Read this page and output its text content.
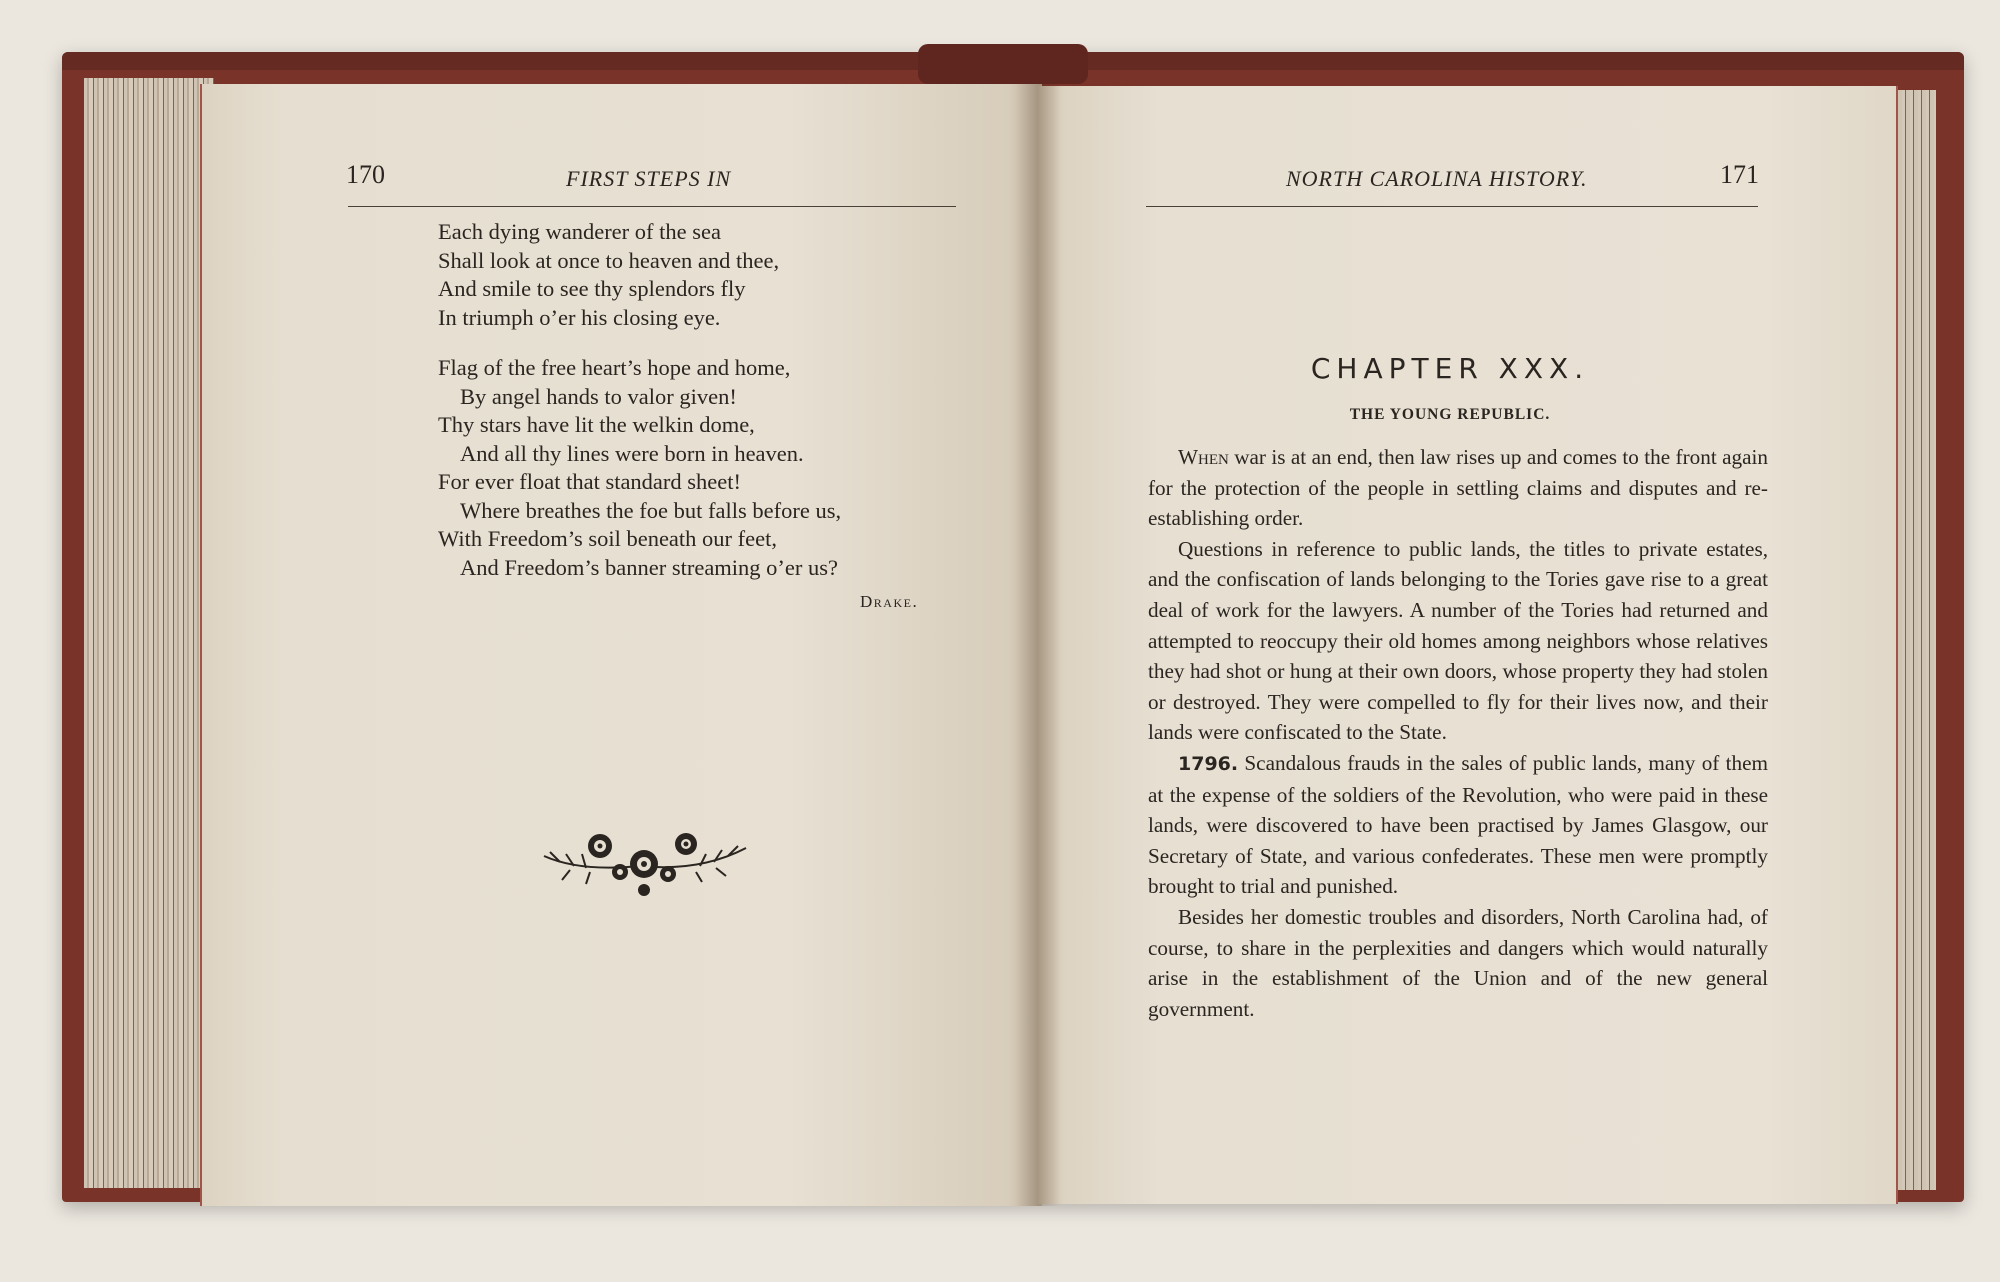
170	FIRST STEPS IN
Each dying wanderer of the sea
Shall look at once to heaven and thee,
And smile to see thy splendors fly
In triumph o’er his closing eye.
Flag of the free heart’s hope and home,
By angel hands to valor given!
Thy stars have lit the welkin dome,
And all thy lines were born in heaven.
For ever float that standard sheet!
Where breathes the foe but falls before us,
With Freedom’s soil beneath our feet,
And Freedom’s banner streaming o’er us?
Drake.
NORTH CAROLINA HISTORY.	171
CHAPTER XXX.
THE YOUNG REPUBLIC.

When war is at an end, then law rises up and comes to the front again for the protection of the people in settling claims and disputes and re-establishing order.

Questions in reference to public lands, the titles to private estates, and the confiscation of lands belonging to the Tories gave rise to a great deal of work for the lawyers. A number of the Tories had returned and attempted to reoccupy their old homes among neighbors whose relatives they had shot or hung at their own doors, whose property they had stolen or destroyed. They were compelled to fly for their lives now, and their lands were confiscated to the State.

1796. Scandalous frauds in the sales of public lands, many of them at the expense of the soldiers of the Revolution, who were paid in these lands, were discovered to have been practised by James Glasgow, our Secretary of State, and various confederates. These men were promptly brought to trial and punished.

Besides her domestic troubles and disorders, North Carolina had, of course, to share in the perplexities and dangers which would naturally arise in the establishment of the Union and of the new general government.
